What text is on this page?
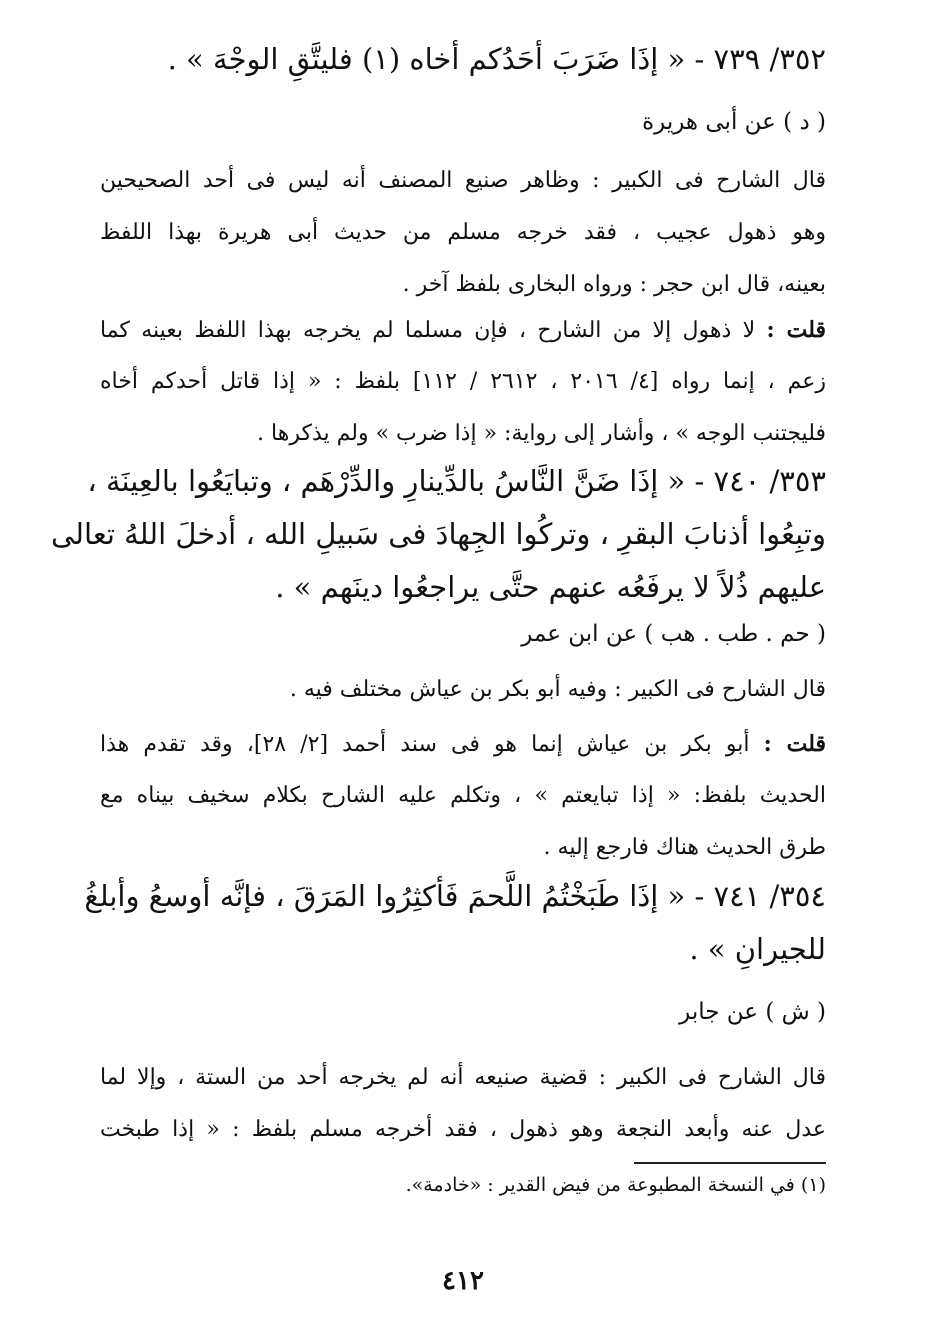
٣٥٢/ ٧٣٩ - « إذَا ضَرَبَ أحَدُكم أخاه (١) فليتَّقِ الوجْهَ » .
( د ) عن أبى هريرة
قال الشارح فى الكبير : وظاهر صنيع المصنف أنه ليس فى أحد الصحيحين
وهو ذهول عجيب ، فقد خرجه مسلم من حديث أبى هريرة بهذا اللفظ
بعينه، قال ابن حجر : ورواه البخارى بلفظ آخر .
قلت : لا ذهول إلا من الشارح ، فإن مسلما لم يخرجه بهذا اللفظ بعينه كما
زعم ، إنما رواه [٤/ ٢٠١٦ ، ٢٦١٢ / ١١٢] بلفظ : « إذا قاتل أحدكم أخاه
فليجتنب الوجه » ، وأشار إلى رواية: « إذا ضرب » ولم يذكرها .
٣٥٣/ ٧٤٠ - « إذَا ضَنَّ النَّاسُ بالدِّينارِ والدِّرْهَم ، وتبايَعُوا بالعِينَة ،
وتبِعُوا أذنابَ البقرِ ، وتركُوا الجِهادَ فى سَبيلِ الله ، أدخلَ اللهُ تعالى
عليهم ذُلاً لا يرفَعُه عنهم حتَّى يراجعُوا دينَهم » .
( حم . طب . هب ) عن ابن عمر
قال الشارح فى الكبير : وفيه أبو بكر بن عياش مختلف فيه .
قلت : أبو بكر بن عياش إنما هو فى سند أحمد [٢/ ٢٨]، وقد تقدم هذا
الحديث بلفظ: « إذا تبايعتم » ، وتكلم عليه الشارح بكلام سخيف بيناه مع
طرق الحديث هناك فارجع إليه .
٣٥٤/ ٧٤١ - « إذَا طَبَخْتُمُ اللَّحمَ فَأكثِرُوا المَرَقَ ، فإنَّه أوسعُ وأبلغُ
للجيرانِ » .
( ش ) عن جابر
قال الشارح فى الكبير : قضية صنيعه أنه لم يخرجه أحد من الستة ، وإلا لما
عدل عنه وأبعد النجعة وهو ذهول ، فقد أخرجه مسلم بلفظ : « إذا طبخت
(١) في النسخة المطبوعة من فيض القدير : «خادمة».
٤١٢
